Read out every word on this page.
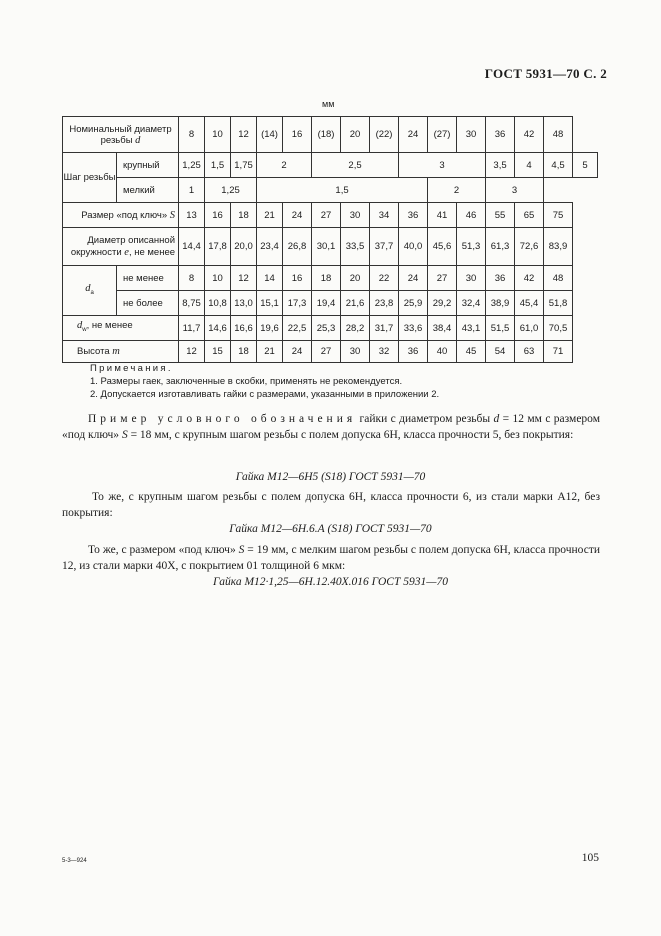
ГОСТ 5931—70 С. 2
мм
Номинальный диаметр резьбы d		8	10	12	(14)	16	(18)	20	(22)	24	(27)	30	36	42	48	
Шаг резьбы	крупный	1,25	1,5	1,75	2		2,5			3			3,5	4	4,5	5
	мелкий	1	1,25		1,5						2		3			
Размер «под ключ» S		13	16	18	21	24	27	30	34	36	41	46	55	65	75	
Диаметр описанной
окружности e, не менее		14,4	17,8	20,0	23,4	26,8	30,1	33,5	37,7	40,0	45,6	51,3	61,3	72,6	83,9	
$d_a$	не менее	8	10	12	14	16	18	20	22	24	27	30	36	42	48	
	не более	8,75	10,8	13,0	15,1	17,3	19,4	21,6	23,8	25,9	29,2	32,4	38,9	45,4	51,8	
$d_w$, не менее		11,7	14,6	16,6	19,6	22,5	25,3	28,2	31,7	33,6	38,4	43,1	51,5	61,0	70,5	
Высота m		12	15	18	21	24	27	30	32	36	40	45	54	63	71	
Примечания.
1. Размеры гаек, заключенные в скобки, применять не рекомендуется.
2. Допускается изготавливать гайки с размерами, указанными в приложении 2.
Пример условного обозначения гайки с диаметром резьбы d = 12 мм с размером «под ключ» S = 18 мм, с крупным шагом резьбы с полем допуска 6Н, класса прочности 5, без покрытия:
Гайка М12—6Н5 (S18) ГОСТ 5931—70
То же, с крупным шагом резьбы с полем допуска 6Н, класса прочности 6, из стали марки А12, без покрытия:
Гайка М12—6Н.6.А (S18) ГОСТ 5931—70
То же, с размером «под ключ» S = 19 мм, с мелким шагом резьбы с полем допуска 6Н, класса прочности 12, из стали марки 40Х, с покрытием 01 толщиной 6 мкм:
Гайка М12·1,25—6Н.12.40Х.016 ГОСТ 5931—70
5-3—924	105
